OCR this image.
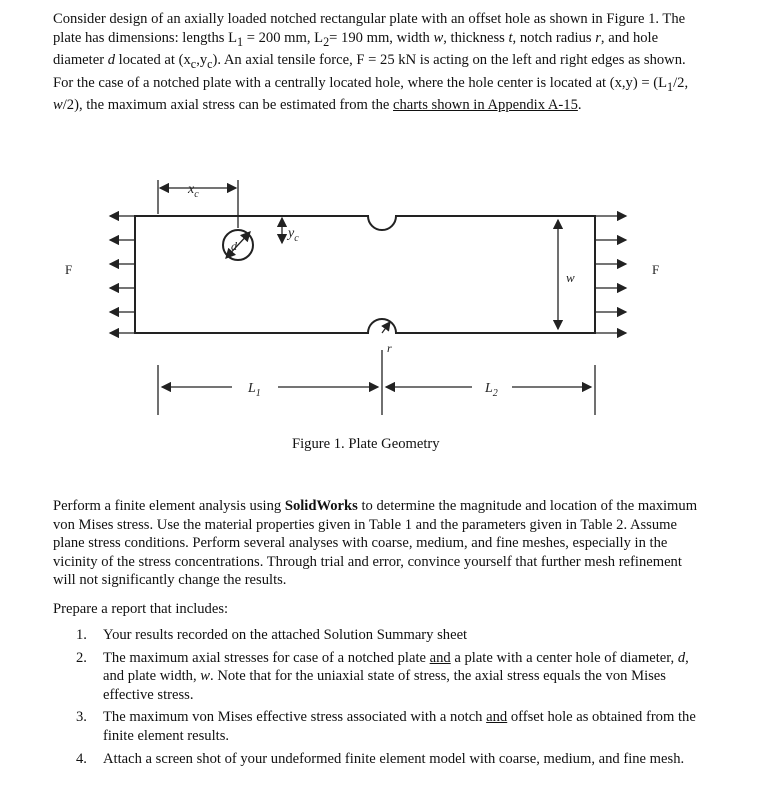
Consider design of an axially loaded notched rectangular plate with an offset hole as shown in Figure 1. The plate has dimensions: lengths $L_1 = 200$ mm, $L_2= 190$ mm, width w, thickness t, notch radius r, and hole diameter d located at $(x_c,y_c)$. An axial tensile force, F = 25 kN is acting on the left and right edges as shown. For the case of a notched plate with a centrally located hole, where the hole center is located at $(x,y) = (L_1/2$, w/2), the maximum axial stress can be estimated from the charts shown in Appendix A-15.

d
F	F
$x_c$
$y_c$
w
r
$L_1$	$L_2$
Figure 1. Plate Geometry

Perform a finite element analysis using SolidWorks to determine the magnitude and location of the maximum von Mises stress. Use the material properties given in Table 1 and the parameters given in Table 2. Assume plane stress conditions. Perform several analyses with coarse, medium, and fine meshes, especially in the vicinity of the stress concentrations. Through trial and error, convince yourself that further mesh refinement will not significantly change the results.

Prepare a report that includes:
1. Your results recorded on the attached Solution Summary sheet
2. The maximum axial stresses for case of a notched plate and a plate with a center hole of diameter, d, and plate width, w. Note that for the uniaxial state of stress, the axial stress equals the von Mises effective stress.
3. The maximum von Mises effective stress associated with a notch and offset hole as obtained from the finite element results.
4. Attach a screen shot of your undeformed finite element model with coarse, medium, and fine mesh.
